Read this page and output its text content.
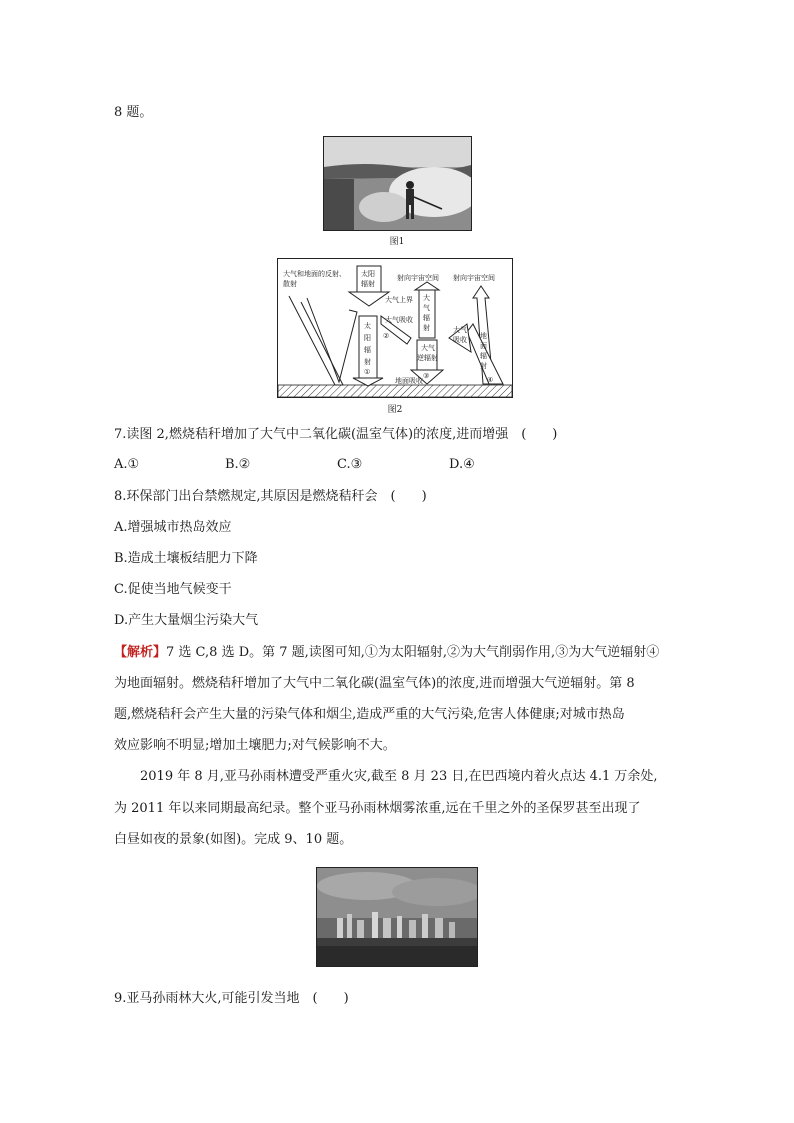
8 题。
图1
大气和地面的反射、
散射
太阳
辐射
射向宇宙空间 射向宇宙空间
大气上界
大气吸收
大
气
辐
射
太
阳
辐
射
①
②
大气
逆辐射
③
大气
吸收 地
面
辐
射
④
地面吸收
图2
7.读图 2,燃烧秸秆增加了大气中二氧化碳(温室气体)的浓度,进而增强　(　　)
A.①	B.②	C.③	D.④
8.环保部门出台禁燃规定,其原因是燃烧秸秆会　(　　)
A.增强城市热岛效应
B.造成土壤板结肥力下降
C.促使当地气候变干
D.产生大量烟尘污染大气
【解析】7 选 C,8 选 D。第 7 题,读图可知,①为太阳辐射,②为大气削弱作用,③为大气逆辐射④
为地面辐射。燃烧秸秆增加了大气中二氧化碳(温室气体)的浓度,进而增强大气逆辐射。第 8
题,燃烧秸秆会产生大量的污染气体和烟尘,造成严重的大气污染,危害人体健康;对城市热岛
效应影响不明显;增加土壤肥力;对气候影响不大。
2019 年 8 月,亚马孙雨林遭受严重火灾,截至 8 月 23 日,在巴西境内着火点达 4.1 万余处,
为 2011 年以来同期最高纪录。整个亚马孙雨林烟雾浓重,远在千里之外的圣保罗甚至出现了
白昼如夜的景象(如图)。完成 9、10 题。
9.亚马孙雨林大火,可能引发当地　(　　)
